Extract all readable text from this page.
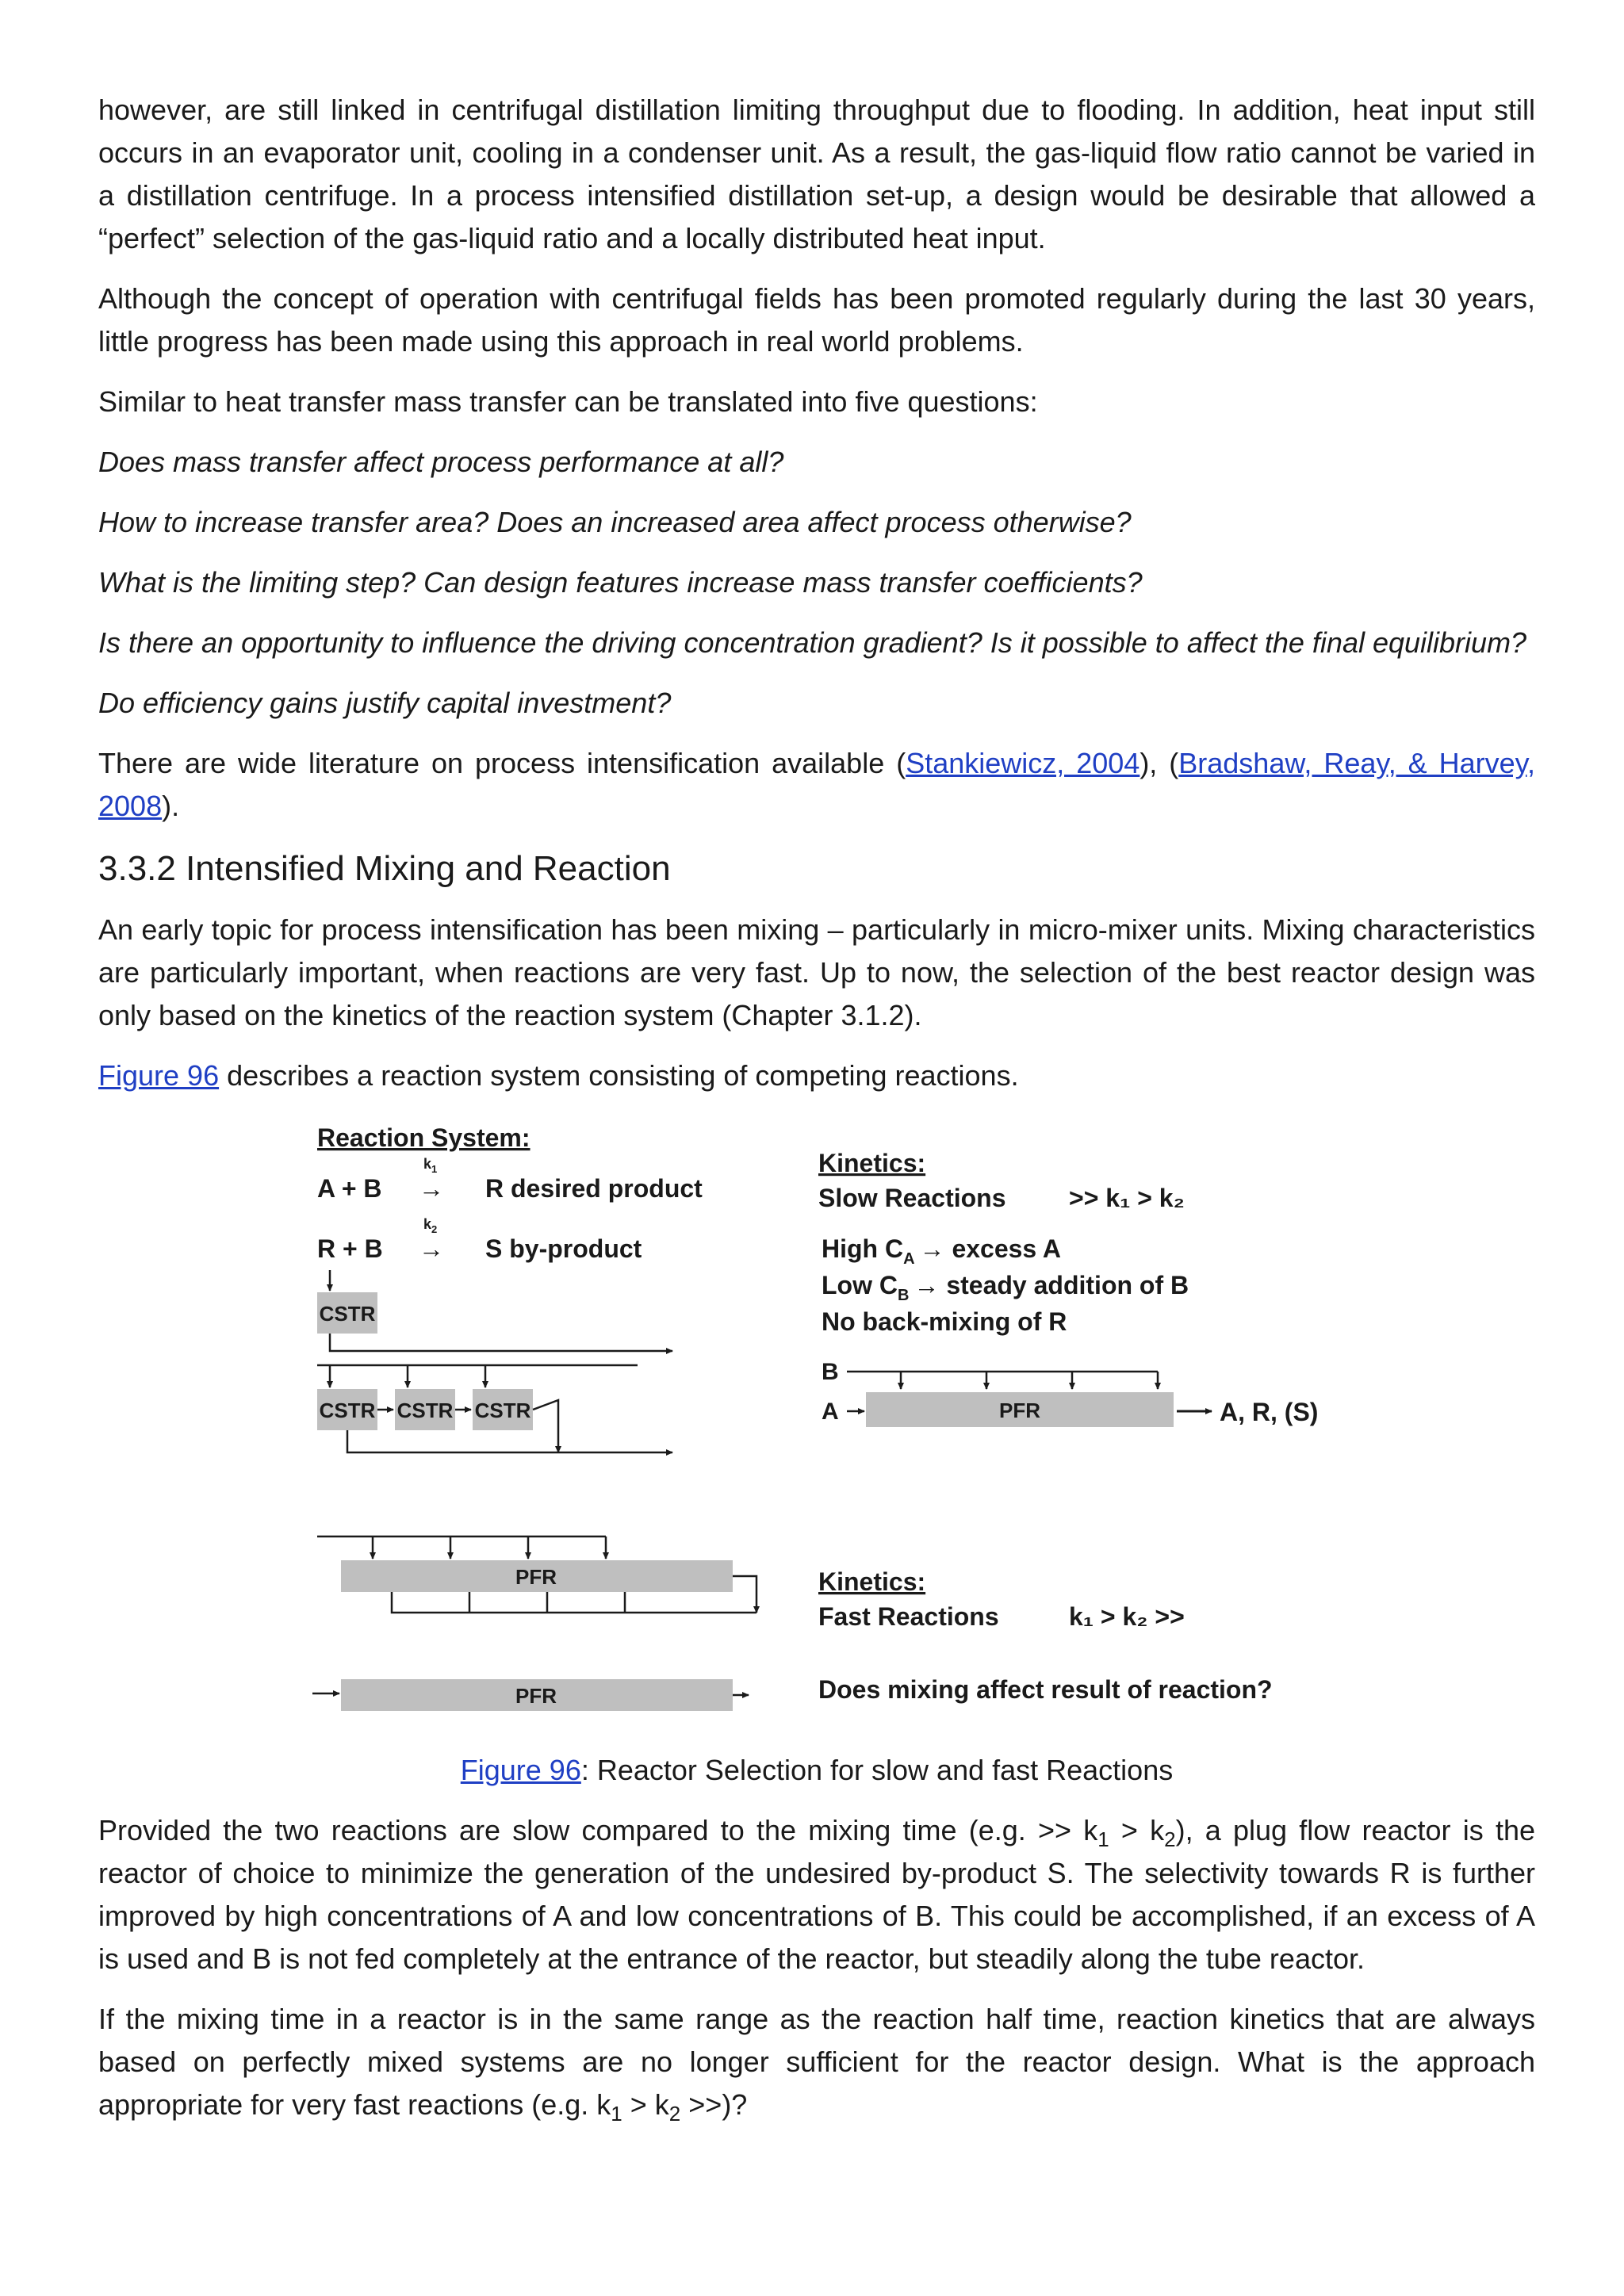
however, are still linked in centrifugal distillation limiting throughput due to flooding. In addition, heat input still occurs in an evaporator unit, cooling in a condenser unit. As a result, the gas-liquid flow ratio cannot be varied in a distillation centrifuge. In a process intensified distillation set-up, a design would be desirable that allowed a “perfect” selection of the gas-liquid ratio and a locally distributed heat input.

Although the concept of operation with centrifugal fields has been promoted regularly during the last 30 years, little progress has been made using this approach in real world problems.

Similar to heat transfer mass transfer can be translated into five questions:

Does mass transfer affect process performance at all?

How to increase transfer area? Does an increased area affect process otherwise?

What is the limiting step? Can design features increase mass transfer coefficients?

Is there an opportunity to influence the driving concentration gradient? Is it possible to affect the final equilibrium?

Do efficiency gains justify capital investment?

There are wide literature on process intensification available (Stankiewicz, 2004), (Bradshaw, Reay, & Harvey, 2008).

3.3.2 Intensified Mixing and Reaction

An early topic for process intensification has been mixing – particularly in micro-mixer units. Mixing characteristics are particularly important, when reactions are very fast. Up to now, the selection of the best reactor design was only based on the kinetics of the reaction system (Chapter 3.1.2).

Figure 96 describes a reaction system consisting of competing reactions.

Reaction System:
$k_1$
A + B → R desired product
$k_2$
R + B → S by-product
CSTR
CSTR CSTR CSTR
PFR
PFR
Kinetics:
Slow Reactions >> k₁ > k₂
High $C_A$ → excess A
Low $C_B$ → steady addition of B
No back-mixing of R
B
A	PFR	A, R, (S)
Kinetics:
Fast Reactions	k₁ > k₂ >>
Does mixing affect result of reaction?

Figure 96: Reactor Selection for slow and fast Reactions

Provided the two reactions are slow compared to the mixing time (e.g. >> $k_1 > k_2$), a plug flow reactor is the reactor of choice to minimize the generation of the undesired by-product S. The selectivity towards R is further improved by high concentrations of A and low concentrations of B. This could be accomplished, if an excess of A is used and B is not fed completely at the entrance of the reactor, but steadily along the tube reactor.

If the mixing time in a reactor is in the same range as the reaction half time, reaction kinetics that are always based on perfectly mixed systems are no longer sufficient for the reactor design. What is the approach appropriate for very fast reactions (e.g. $k_1 > k_2$ >>)?
